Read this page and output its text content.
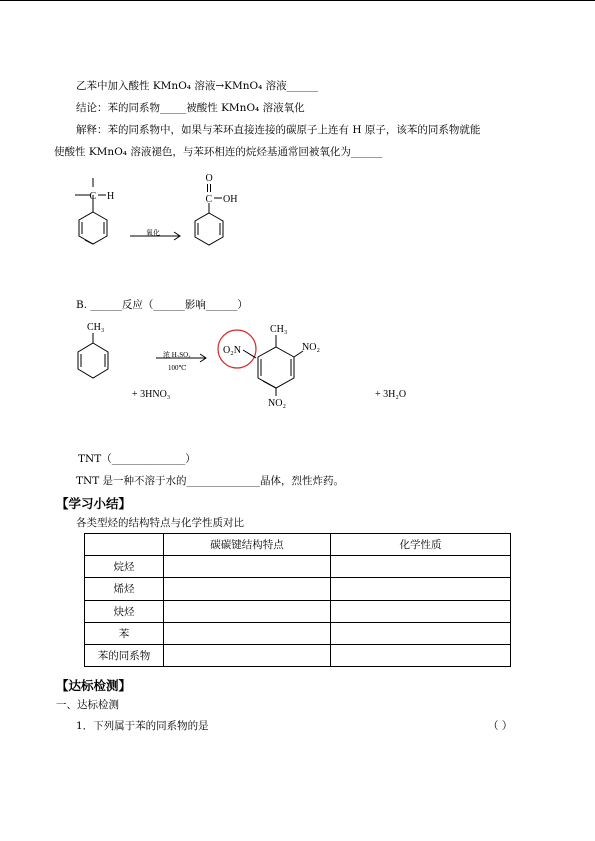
乙苯中加入酸性 KMnO₄ 溶液→KMnO₄ 溶液______
结论：苯的同系物_____被酸性 KMnO₄ 溶液氧化
解释：苯的同系物中，如果与苯环直接连接的碳原子上连有 H 原子，该苯的同系物就能
使酸性 KMnO₄ 溶液褪色，与苯环相连的烷烃基通常回被氧化为______
C H
氧化
C
O
OH
B. ______反应（______影响______）
CH₃
浓 H₂SO₄
100℃
+ 3HNO₃
O₂N
CH₃
NO₂
NO₂
+ 3H₂O
TNT（______________）
TNT 是一种不溶于水的______________晶体，烈性炸药。
【学习小结】
各类型烃的结构特点与化学性质对比
	碳碳键结构特点	化学性质
烷烃		
烯烃		
炔烃		
苯		
苯的同系物		
【达标检测】
一、达标检测
1．下列属于苯的同系物的是	（ ）
